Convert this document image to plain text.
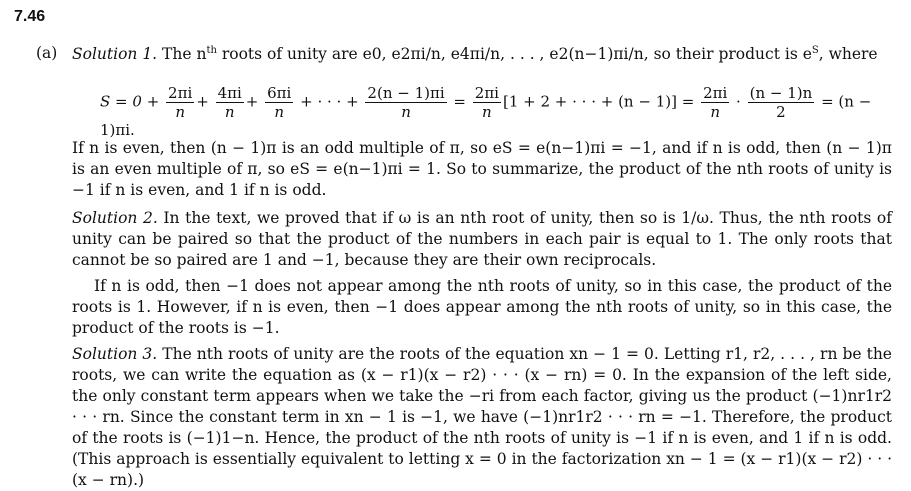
7.46
(a) Solution 1. The $n^{th}$ roots of unity are e0, e2πi/n, e4πi/n, . . . , e2(n−1)πi/n, so their product is $e^S$, where
$S = 0 + \frac{2\pi i}{n} + \frac{4\pi i}{n} + \frac{6\pi i}{n}$ + · · · + $\frac{2(n - 1)\pi i}{n} = \frac{2\pi i}{n} [1 + 2$ + · · · + $(n - 1)] = \frac{2\pi i}{n} \cdot \frac{(n - 1)n}{2} = (n - 1)\pi i$.
If n is even, then (n − 1)π is an odd multiple of π, so eS = e(n−1)πi = −1, and if n is odd, then (n − 1)π is an even multiple of π, so eS = e(n−1)πi = 1. So to summarize, the product of the nth roots of unity is −1 if n is even, and 1 if n is odd.
Solution 2. In the text, we proved that if ω is an nth root of unity, then so is 1/ω. Thus, the nth roots of unity can be paired so that the product of the numbers in each pair is equal to 1. The only roots that cannot be so paired are 1 and −1, because they are their own reciprocals.
If n is odd, then −1 does not appear among the nth roots of unity, so in this case, the product of the roots is 1. However, if n is even, then −1 does appear among the nth roots of unity, so in this case, the product of the roots is −1.
Solution 3. The nth roots of unity are the roots of the equation xn − 1 = 0. Letting r1, r2, . . . , rn be the roots, we can write the equation as (x − r1)(x − r2) · · · (x − rn) = 0. In the expansion of the left side, the only constant term appears when we take the −ri from each factor, giving us the product (−1)nr1r2 · · · rn. Since the constant term in xn − 1 is −1, we have (−1)nr1r2 · · · rn = −1. Therefore, the product of the roots is (−1)1−n. Hence, the product of the nth roots of unity is −1 if n is even, and 1 if n is odd. (This approach is essentially equivalent to letting x = 0 in the factorization xn − 1 = (x − r1)(x − r2) · · · (x − rn).)
